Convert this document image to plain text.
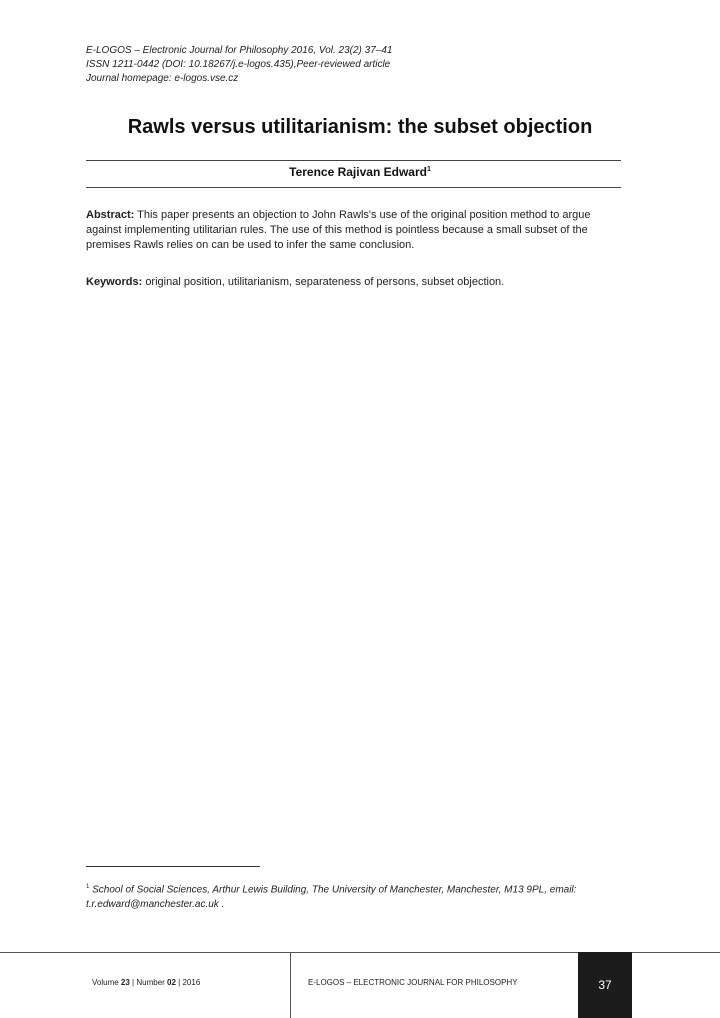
E-LOGOS – Electronic Journal for Philosophy 2016, Vol. 23(2) 37–41
ISSN 1211-0442 (DOI: 10.18267/j.e-logos.435),Peer-reviewed article
Journal homepage: e-logos.vse.cz
Rawls versus utilitarianism: the subset objection
Terence Rajivan Edward$^1$
Abstract: This paper presents an objection to John Rawls's use of the original position method to argue against implementing utilitarian rules. The use of this method is pointless because a small subset of the premises Rawls relies on can be used to infer the same conclusion.
Keywords: original position, utilitarianism, separateness of persons, subset objection.
$^1$ School of Social Sciences, Arthur Lewis Building, The University of Manchester, Manchester, M13 9PL, email: t.r.edward@manchester.ac.uk .
Volume 23 | Number 02 | 2016	E-LOGOS – ELECTRONIC JOURNAL FOR PHILOSOPHY	37
